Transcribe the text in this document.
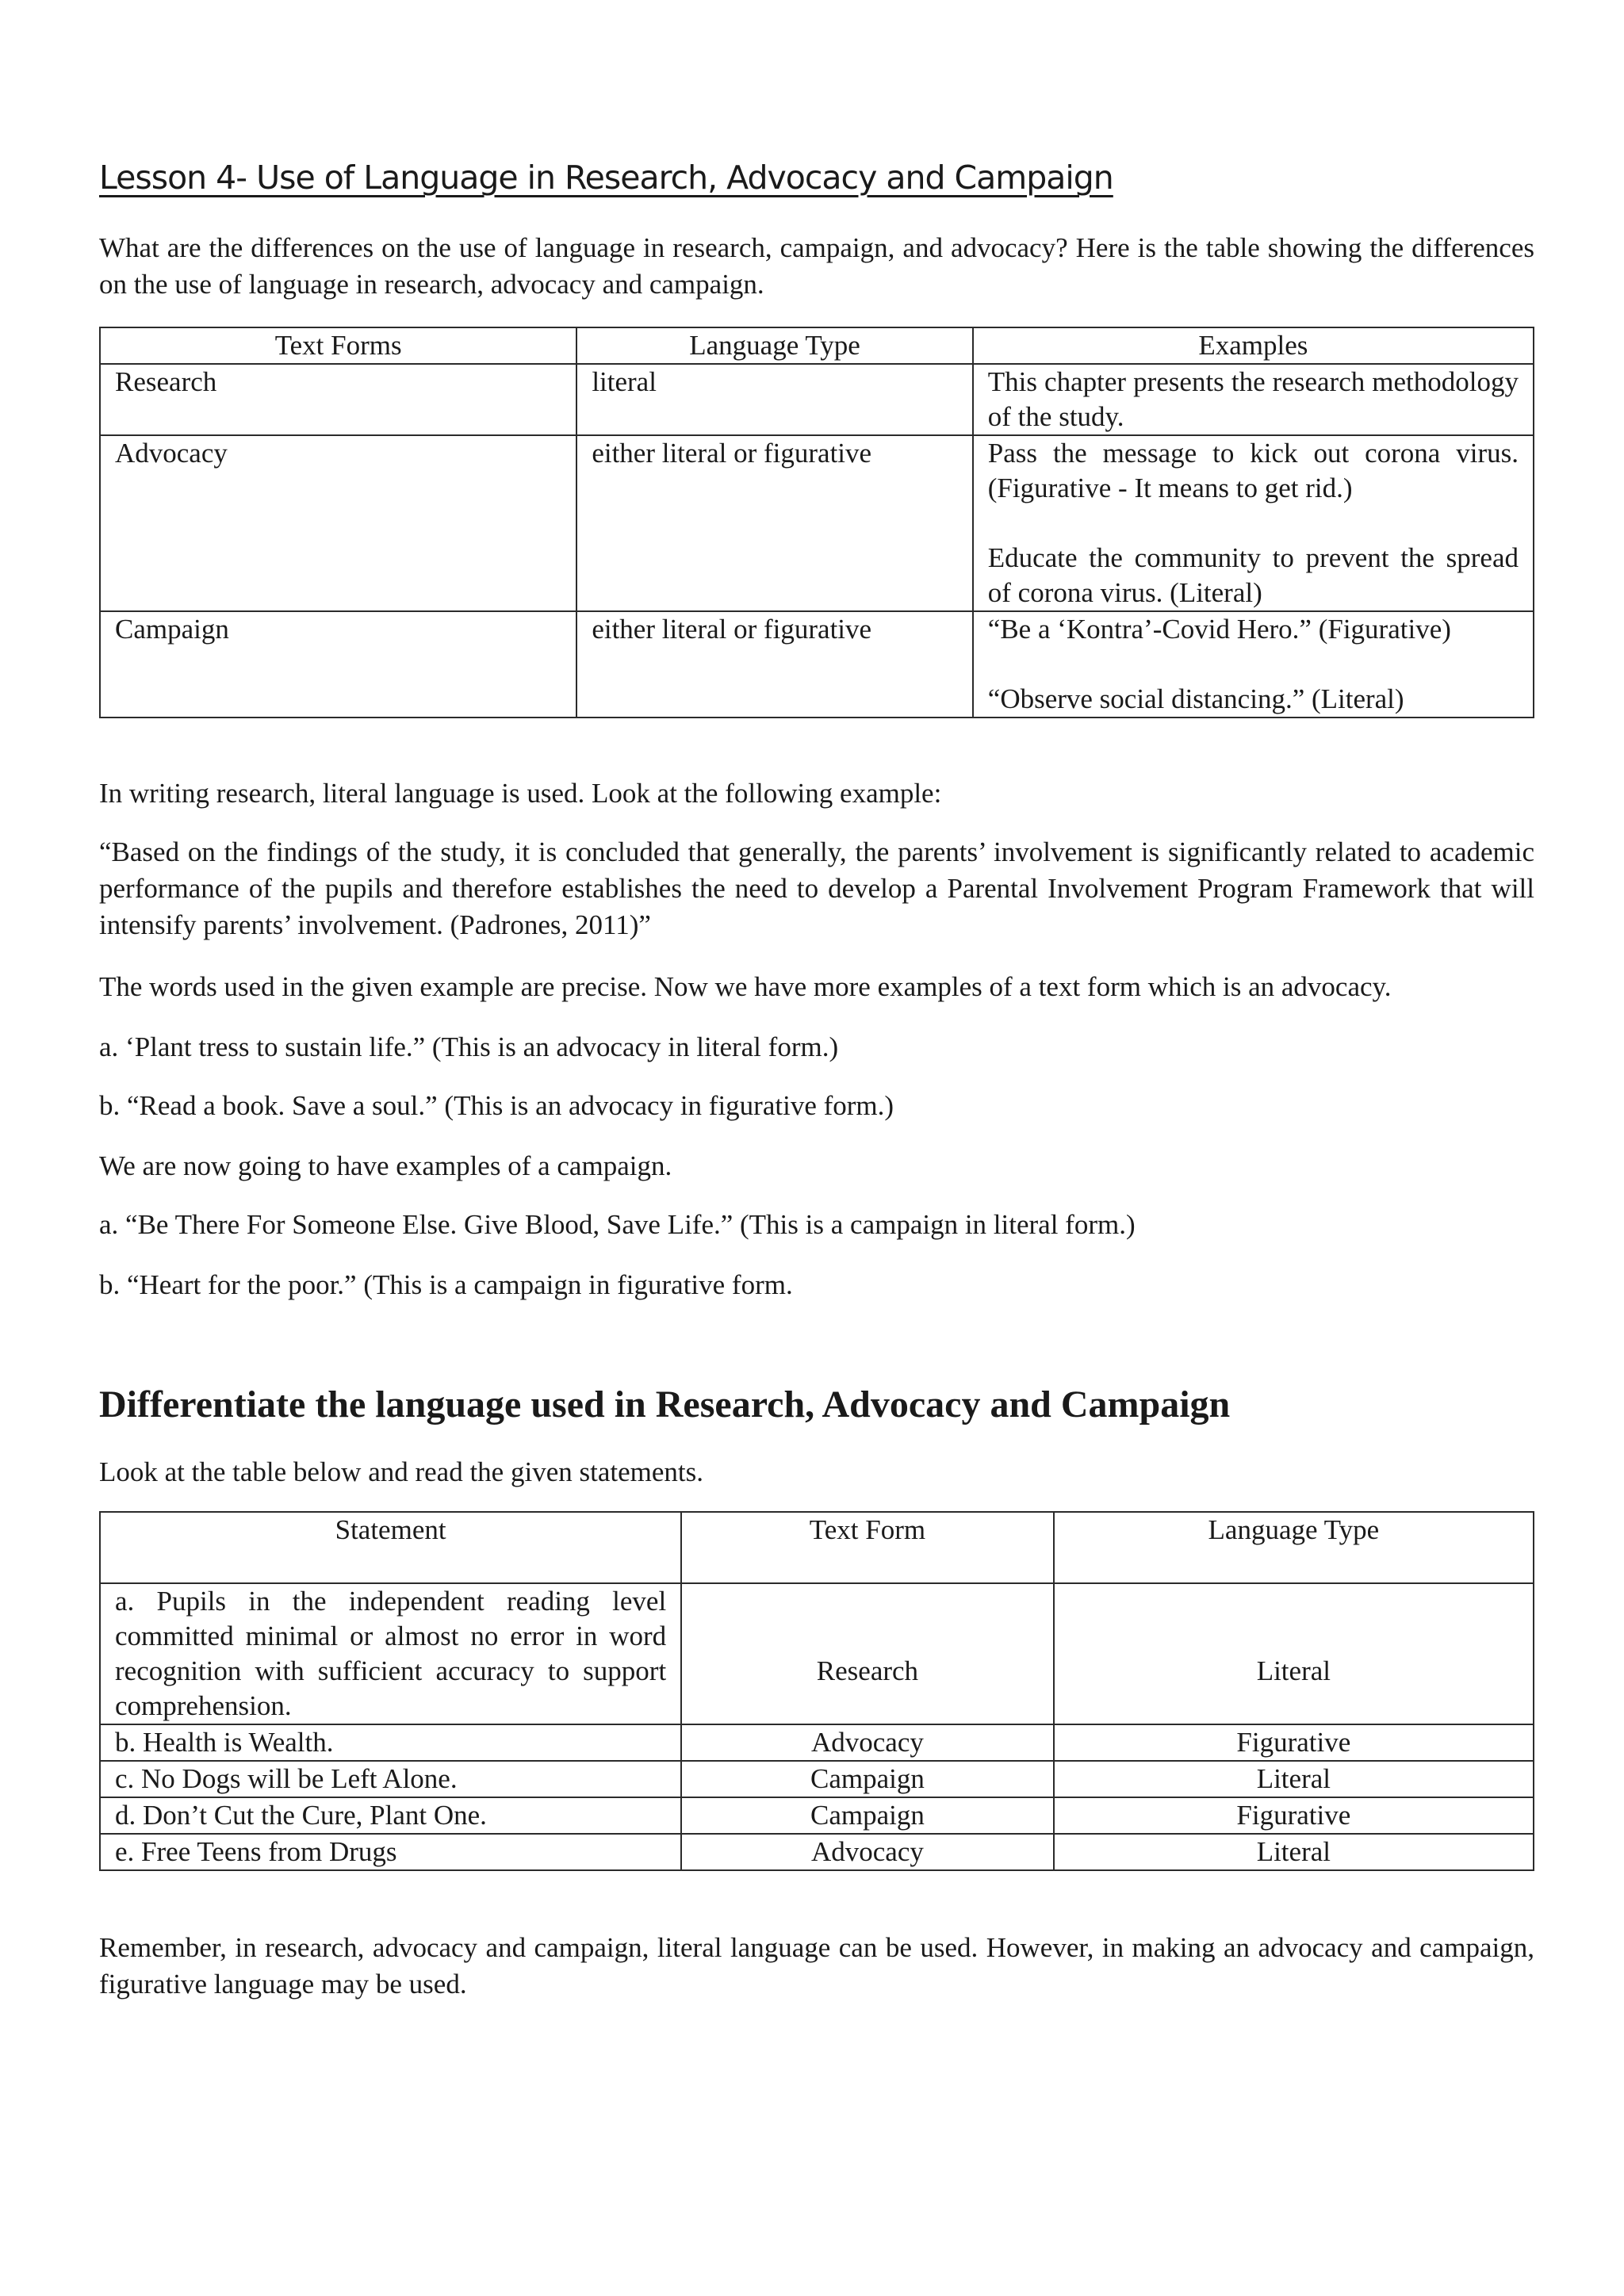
Lesson 4- Use of Language in Research, Advocacy and Campaign

What are the differences on the use of language in research, campaign, and advocacy? Here is the table showing the differences on the use of language in research, advocacy and campaign.

Text Forms	Language Type	Examples
Research	literal	This chapter presents the research methodology of the study.

Advocacy	either literal or figurative	Pass the message to kick out corona virus. (Figurative - It means to get rid.)
Educate the community to prevent the spread of corona virus. (Literal)

Campaign	either literal or figurative	“Be a ‘Kontra’-Covid Hero.” (Figurative)
“Observe social distancing.” (Literal)

In writing research, literal language is used. Look at the following example:

“Based on the findings of the study, it is concluded that generally, the parents’ involvement is significantly related to academic performance of the pupils and therefore establishes the need to develop a Parental Involvement Program Framework that will intensify parents’ involvement. (Padrones, 2011)”

The words used in the given example are precise. Now we have more examples of a text form which is an advocacy.

a. ‘Plant tress to sustain life.” (This is an advocacy in literal form.)

b. “Read a book. Save a soul.” (This is an advocacy in figurative form.)

We are now going to have examples of a campaign.

a. “Be There For Someone Else. Give Blood, Save Life.” (This is a campaign in literal form.)

b. “Heart for the poor.” (This is a campaign in figurative form.

Differentiate the language used in Research, Advocacy and Campaign

Look at the table below and read the given statements.

Statement	Text Form	Language Type
a. Pupils in the independent reading level committed minimal or almost no error in word recognition with sufficient accuracy to support comprehension.	Research	Literal
b. Health is Wealth.	Advocacy	Figurative
c. No Dogs will be Left Alone.	Campaign	Literal
d. Don’t Cut the Cure, Plant One.	Campaign	Figurative
e. Free Teens from Drugs	Advocacy	Literal

Remember, in research, advocacy and campaign, literal language can be used. However, in making an advocacy and campaign, figurative language may be used.
